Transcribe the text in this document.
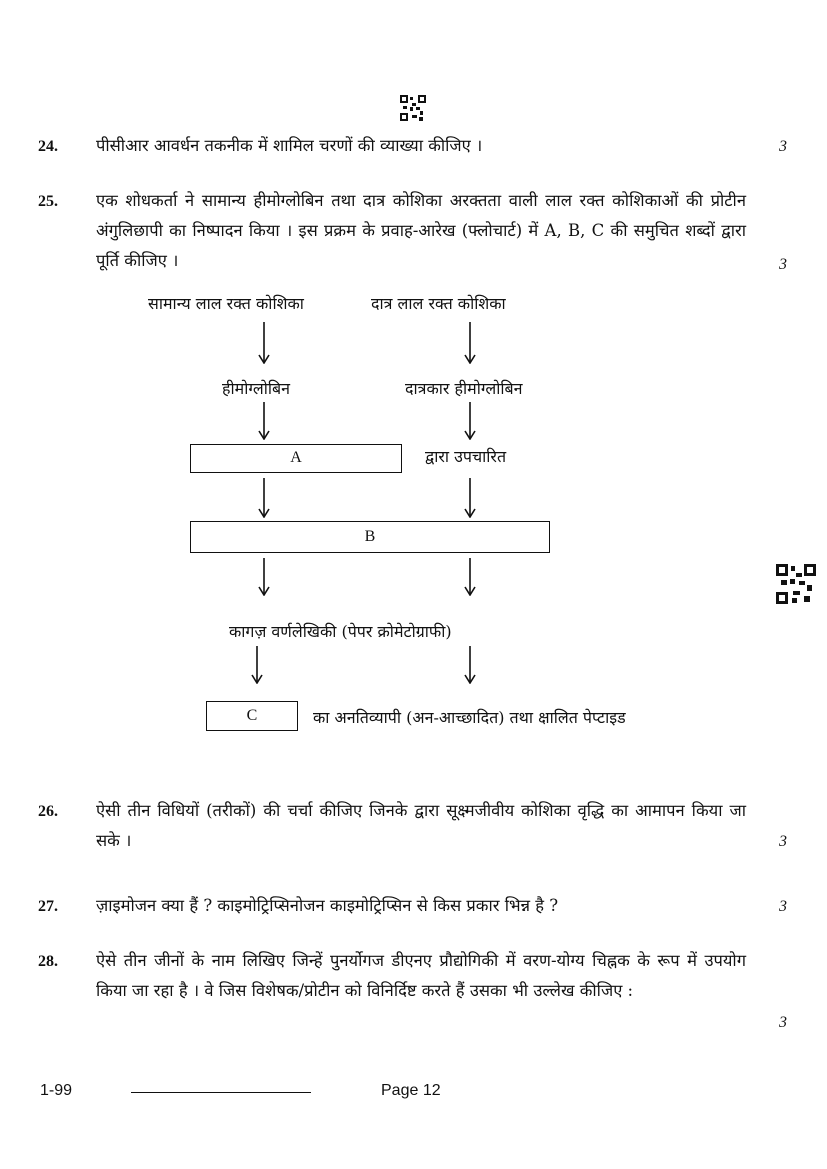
24. पीसीआर आवर्धन तकनीक में शामिल चरणों की व्याख्या कीजिए ।	3
25. एक शोधकर्ता ने सामान्य हीमोग्लोबिन तथा दात्र कोशिका अरक्तता वाली लाल रक्त कोशिकाओं की प्रोटीन अंगुलिछापी का निष्पादन किया । इस प्रक्रम के प्रवाह-आरेख (फ्लोचार्ट) में A, B, C की समुचित शब्दों द्वारा पूर्ति कीजिए ।	3
सामान्य लाल रक्त कोशिका	दात्र लाल रक्त कोशिका
हीमोग्लोबिन	दात्रकार हीमोग्लोबिन
A	द्वारा उपचारित
B
कागज़ वर्णलेखिकी (पेपर क्रोमेटोग्राफी)
C	का अनतिव्यापी (अन-आच्छादित) तथा क्षालित पेप्टाइड
26. ऐसी तीन विधियों (तरीकों) की चर्चा कीजिए जिनके द्वारा सूक्ष्मजीवीय कोशिका वृद्धि का आमापन किया जा सके ।	3
27. ज़ाइमोजन क्या हैं ? काइमोट्रिप्सिनोजन काइमोट्रिप्सिन से किस प्रकार भिन्न है ?	3
28. ऐसे तीन जीनों के नाम लिखिए जिन्हें पुनर्योगज डीएनए प्रौद्योगिकी में वरण-योग्य चिह्नक के रूप में उपयोग किया जा रहा है । वे जिस विशेषक/प्रोटीन को विनिर्दिष्ट करते हैं उसका भी उल्लेख कीजिए :
3
1-99	Page 12
